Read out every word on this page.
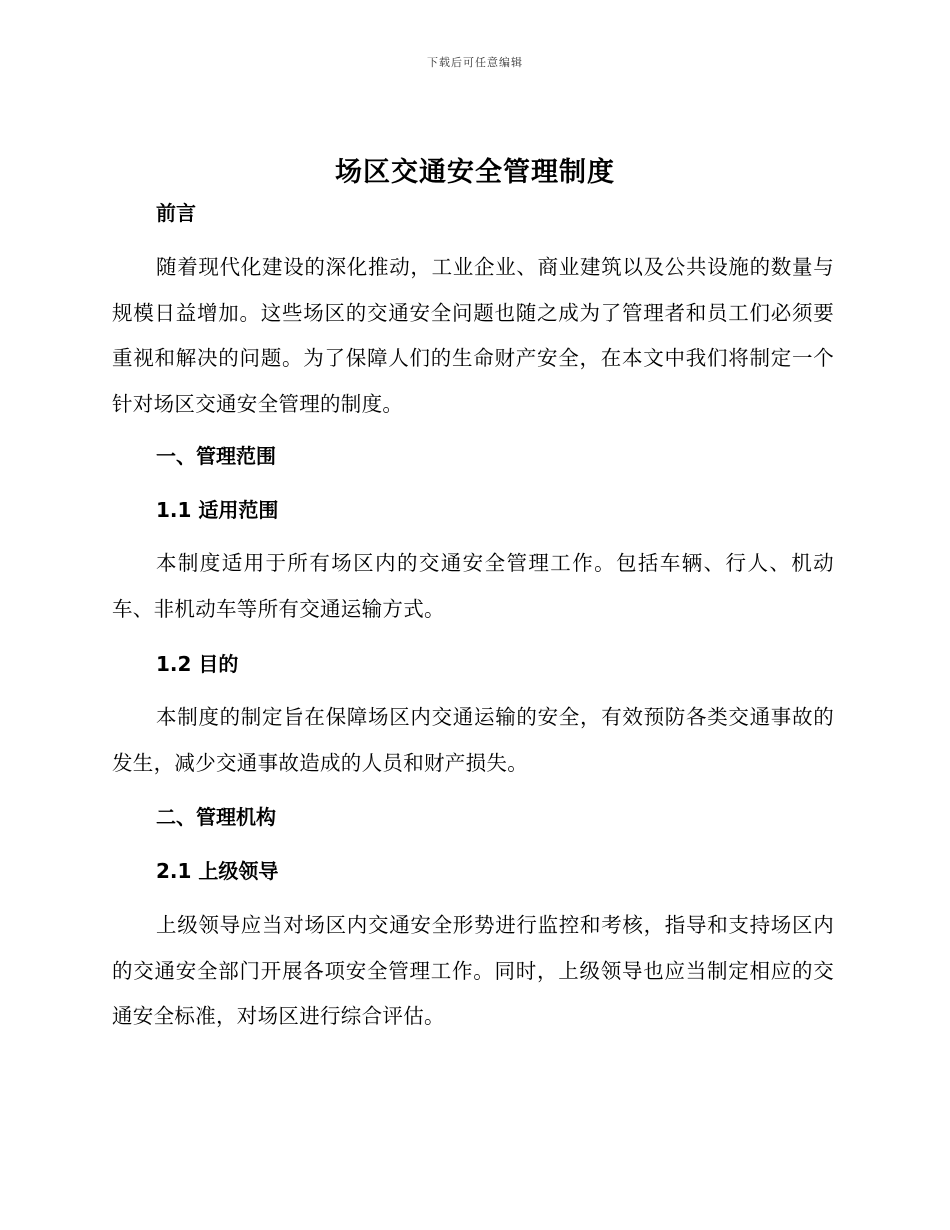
下载后可任意编辑
场区交通安全管理制度
前言

随着现代化建设的深化推动，工业企业、商业建筑以及公共设施的数量与规模日益增加。这些场区的交通安全问题也随之成为了管理者和员工们必须要重视和解决的问题。为了保障人们的生命财产安全，在本文中我们将制定一个针对场区交通安全管理的制度。

一、管理范围
1.1 适用范围

本制度适用于所有场区内的交通安全管理工作。包括车辆、行人、机动车、非机动车等所有交通运输方式。

1.2 目的

本制度的制定旨在保障场区内交通运输的安全，有效预防各类交通事故的发生，减少交通事故造成的人员和财产损失。

二、管理机构
2.1 上级领导

上级领导应当对场区内交通安全形势进行监控和考核，指导和支持场区内的交通安全部门开展各项安全管理工作。同时，上级领导也应当制定相应的交通安全标准，对场区进行综合评估。
